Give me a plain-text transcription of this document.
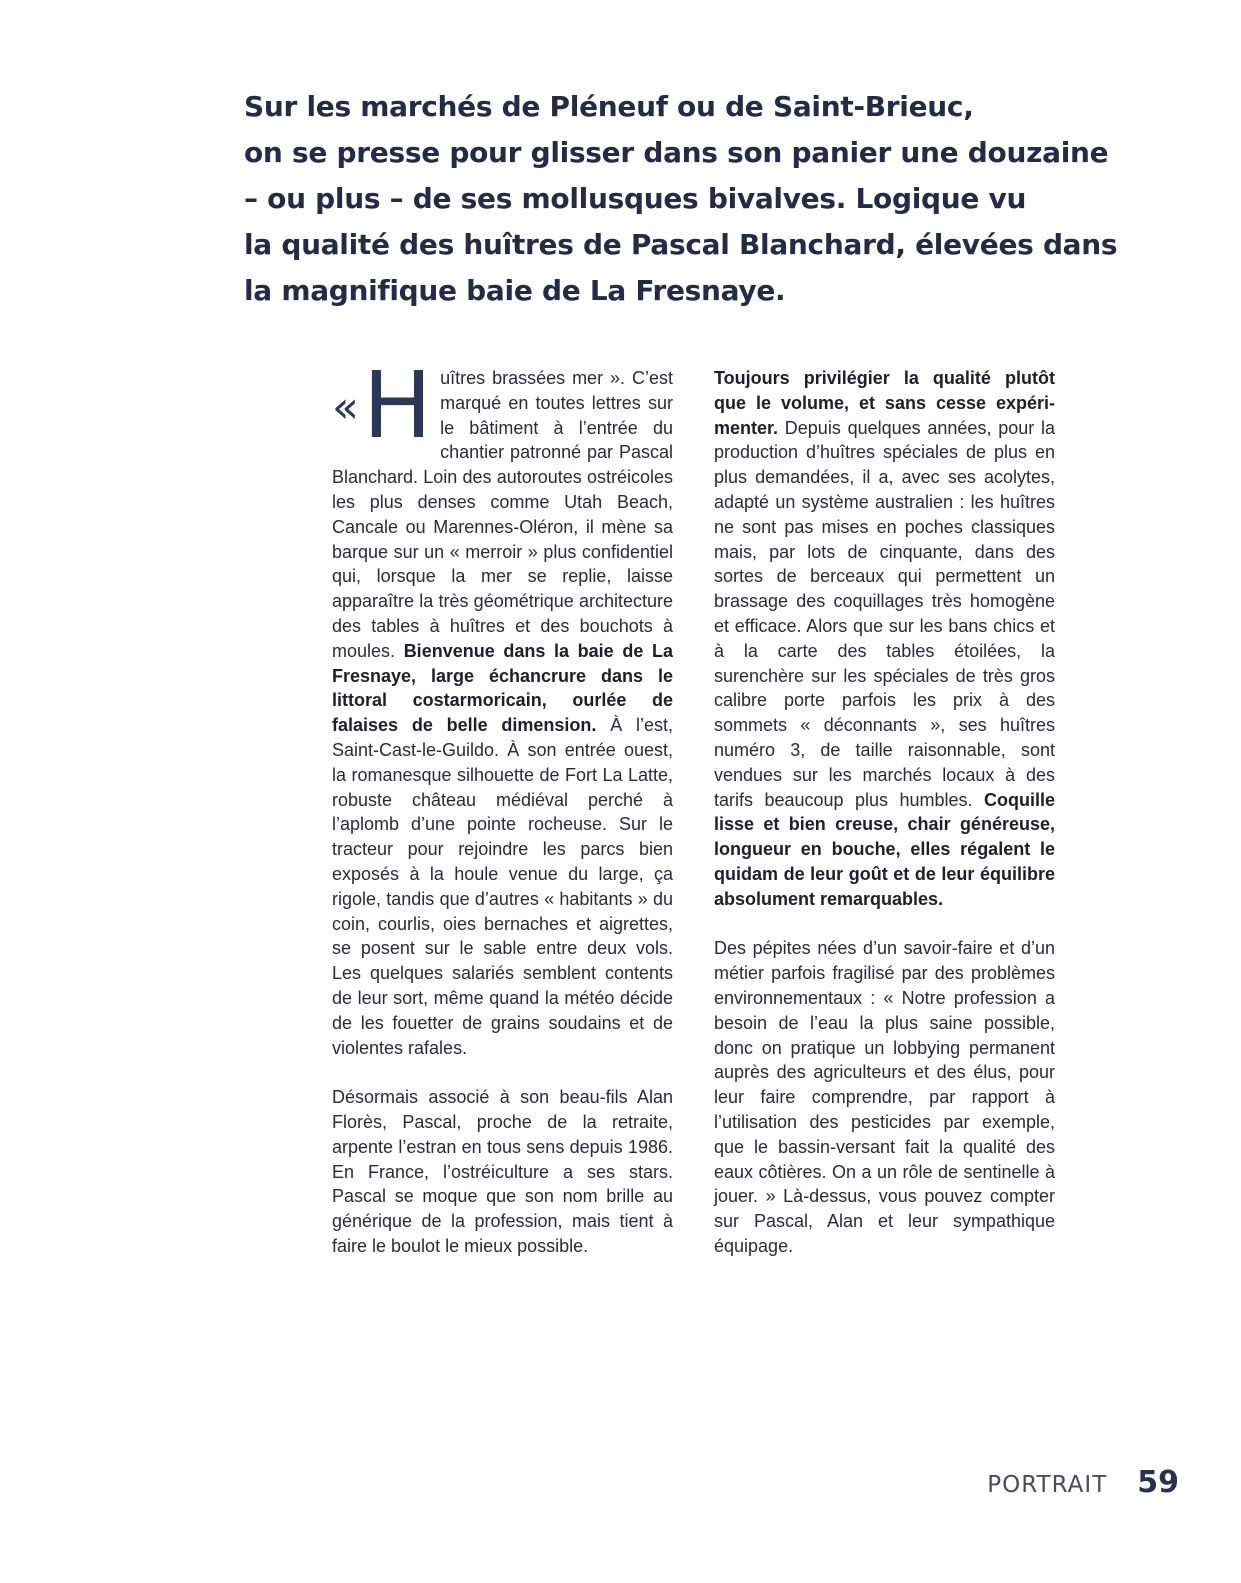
Sur les marchés de Pléneuf ou de Saint-Brieuc,
on se presse pour glisser dans son panier une douzaine
– ou plus – de ses mollusques bivalves. Logique vu
la qualité des huîtres de Pascal Blanchard, élevées dans
la magnifique baie de La Fresnaye.

« H uîtres brassées mer ». C’est marqué en toutes lettres sur le bâtiment à l’entrée du chantier patronné par Pascal Blanchard. Loin des autoroutes ostréicoles les plus denses comme Utah Beach, Cancale ou Marennes-Oléron, il mène sa barque sur un « merroir » plus confidentiel qui, lorsque la mer se replie, laisse apparaître la très géométrique architecture des tables à huîtres et des bouchots à moules. Bienvenue dans la baie de La Fresnaye, large échancrure dans le littoral costarmoricain, ourlée de falaises de belle dimension. À l’est, Saint-Cast-le-Guildo. À son entrée ouest, la romanesque silhouette de Fort La Latte, robuste château médiéval perché à l’aplomb d’une pointe rocheuse. Sur le tracteur pour rejoindre les parcs bien exposés à la houle venue du large, ça rigole, tandis que d’autres « habitants » du coin, courlis, oies bernaches et aigrettes, se posent sur le sable entre deux vols. Les quelques salariés semblent contents de leur sort, même quand la météo décide de les fouetter de grains soudains et de violentes rafales.

Désormais associé à son beau-fils Alan Florès, Pascal, proche de la retraite, arpente l’estran en tous sens depuis 1986. En France, l’ostréiculture a ses stars. Pascal se moque que son nom brille au générique de la profession, mais tient à faire le boulot le mieux possible.

Toujours privilégier la qualité plutôt que le volume, et sans cesse expérimenter. Depuis quelques années, pour la production d’huîtres spéciales de plus en plus demandées, il a, avec ses acolytes, adapté un système australien : les huîtres ne sont pas mises en poches classiques mais, par lots de cinquante, dans des sortes de berceaux qui permettent un brassage des coquillages très homogène et efficace. Alors que sur les bans chics et à la carte des tables étoilées, la surenchère sur les spéciales de très gros calibre porte parfois les prix à des sommets « déconnants », ses huîtres numéro 3, de taille raisonnable, sont vendues sur les marchés locaux à des tarifs beaucoup plus humbles. Coquille lisse et bien creuse, chair généreuse, longueur en bouche, elles régalent le quidam de leur goût et de leur équilibre absolument remarquables.

Des pépites nées d’un savoir-faire et d’un métier parfois fragilisé par des problèmes environnementaux : « Notre profession a besoin de l’eau la plus saine possible, donc on pratique un lobbying permanent auprès des agriculteurs et des élus, pour leur faire comprendre, par rapport à l’utilisation des pesticides par exemple, que le bassin-versant fait la qualité des eaux côtières. On a un rôle de sentinelle à jouer. » Là-dessus, vous pouvez compter sur Pascal, Alan et leur sympathique équipage.

PORTRAIT 59
